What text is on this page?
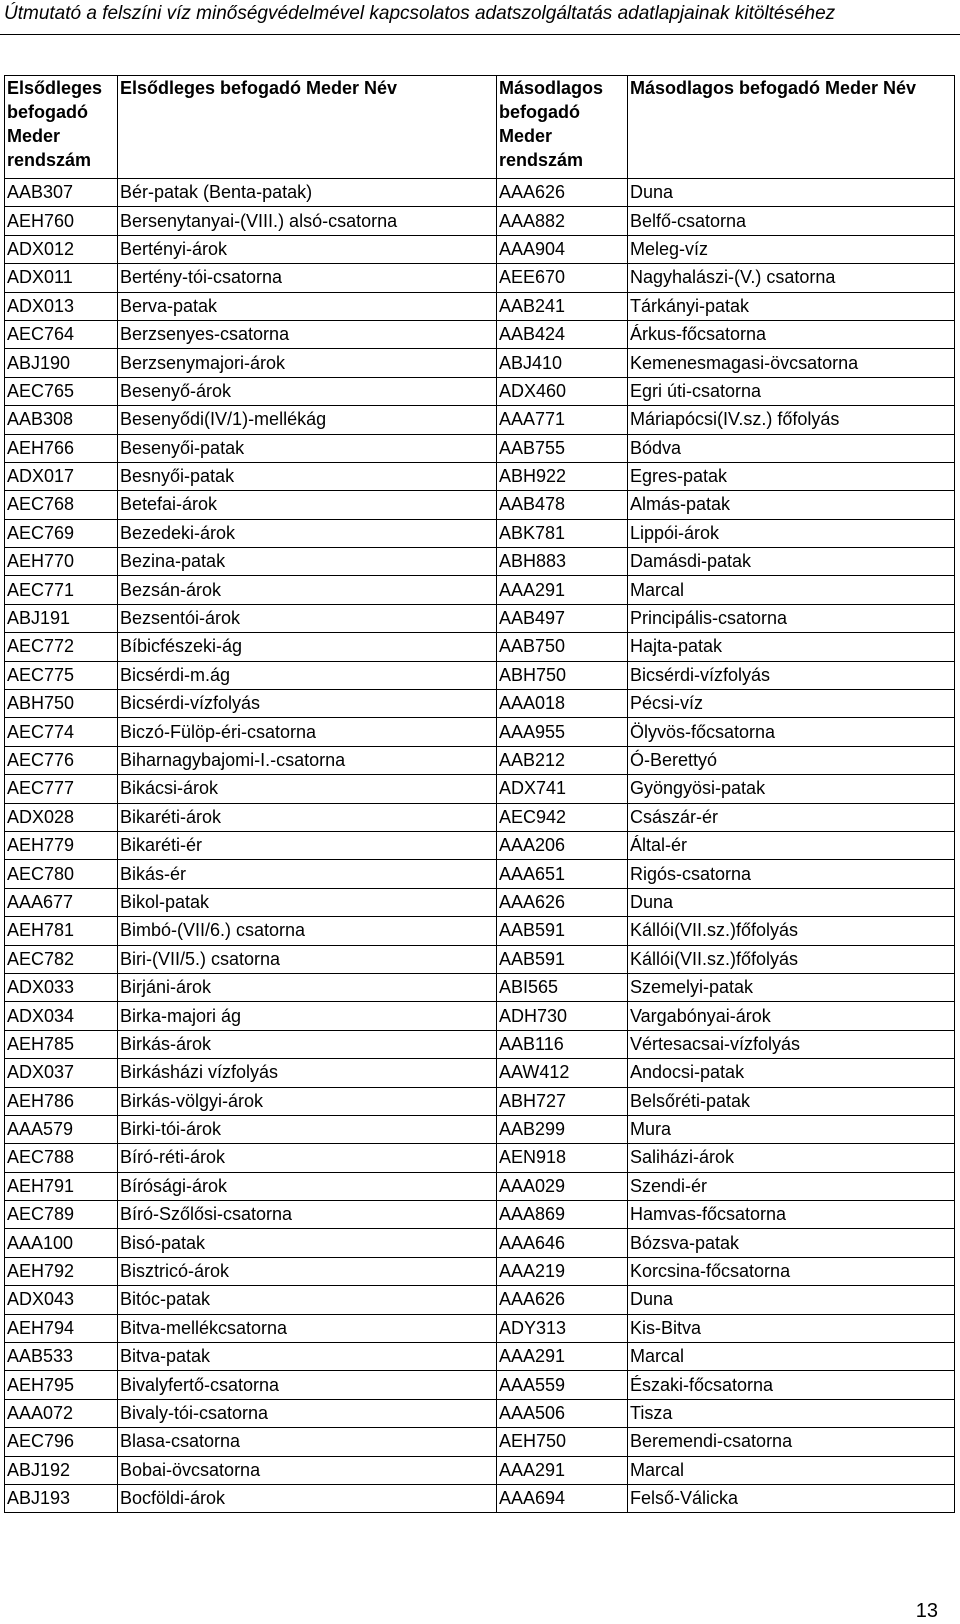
Útmutató a felszíni víz minőségvédelmével kapcsolatos adatszolgáltatás adatlapjainak kitöltéséhez
Elsődleges befogadó Meder rendszám	Elsődleges befogadó Meder Név	Másodlagos befogadó Meder rendszám	Másodlagos befogadó Meder Név
AAB307	Bér-patak (Benta-patak)	AAA626	Duna
AEH760	Bersenytanyai-(VIII.) alsó-csatorna	AAA882	Belfő-csatorna
ADX012	Bertényi-árok	AAA904	Meleg-víz
ADX011	Bertény-tói-csatorna	AEE670	Nagyhalászi-(V.) csatorna
ADX013	Berva-patak	AAB241	Tárkányi-patak
AEC764	Berzsenyes-csatorna	AAB424	Árkus-főcsatorna
ABJ190	Berzsenymajori-árok	ABJ410	Kemenesmagasi-övcsatorna
AEC765	Besenyő-árok	ADX460	Egri úti-csatorna
AAB308	Besenyődi(IV/1)-mellékág	AAA771	Máriapócsi(IV.sz.) főfolyás
AEH766	Besenyői-patak	AAB755	Bódva
ADX017	Besnyői-patak	ABH922	Egres-patak
AEC768	Betefai-árok	AAB478	Almás-patak
AEC769	Bezedeki-árok	ABK781	Lippói-árok
AEH770	Bezina-patak	ABH883	Damásdi-patak
AEC771	Bezsán-árok	AAA291	Marcal
ABJ191	Bezsentói-árok	AAB497	Principális-csatorna
AEC772	Bíbicfészeki-ág	AAB750	Hajta-patak
AEC775	Bicsérdi-m.ág	ABH750	Bicsérdi-vízfolyás
ABH750	Bicsérdi-vízfolyás	AAA018	Pécsi-víz
AEC774	Biczó-Fülöp-éri-csatorna	AAA955	Ölyvös-főcsatorna
AEC776	Biharnagybajomi-I.-csatorna	AAB212	Ó-Berettyó
AEC777	Bikácsi-árok	ADX741	Gyöngyösi-patak
ADX028	Bikaréti-árok	AEC942	Császár-ér
AEH779	Bikaréti-ér	AAA206	Által-ér
AEC780	Bikás-ér	AAA651	Rigós-csatorna
AAA677	Bikol-patak	AAA626	Duna
AEH781	Bimbó-(VII/6.) csatorna	AAB591	Kállói(VII.sz.)főfolyás
AEC782	Biri-(VII/5.) csatorna	AAB591	Kállói(VII.sz.)főfolyás
ADX033	Birjáni-árok	ABI565	Szemelyi-patak
ADX034	Birka-majori ág	ADH730	Vargabónyai-árok
AEH785	Birkás-árok	AAB116	Vértesacsai-vízfolyás
ADX037	Birkásházi vízfolyás	AAW412	Andocsi-patak
AEH786	Birkás-völgyi-árok	ABH727	Belsőréti-patak
AAA579	Birki-tói-árok	AAB299	Mura
AEC788	Bíró-réti-árok	AEN918	Saliházi-árok
AEH791	Bírósági-árok	AAA029	Szendi-ér
AEC789	Bíró-Szőlősi-csatorna	AAA869	Hamvas-főcsatorna
AAA100	Bisó-patak	AAA646	Bózsva-patak
AEH792	Bisztricó-árok	AAA219	Korcsina-főcsatorna
ADX043	Bitóc-patak	AAA626	Duna
AEH794	Bitva-mellékcsatorna	ADY313	Kis-Bitva
AAB533	Bitva-patak	AAA291	Marcal
AEH795	Bivalyfertő-csatorna	AAA559	Északi-főcsatorna
AAA072	Bivaly-tói-csatorna	AAA506	Tisza
AEC796	Blasa-csatorna	AEH750	Beremendi-csatorna
ABJ192	Bobai-övcsatorna	AAA291	Marcal
ABJ193	Bocföldi-árok	AAA694	Felső-Válicka
13
